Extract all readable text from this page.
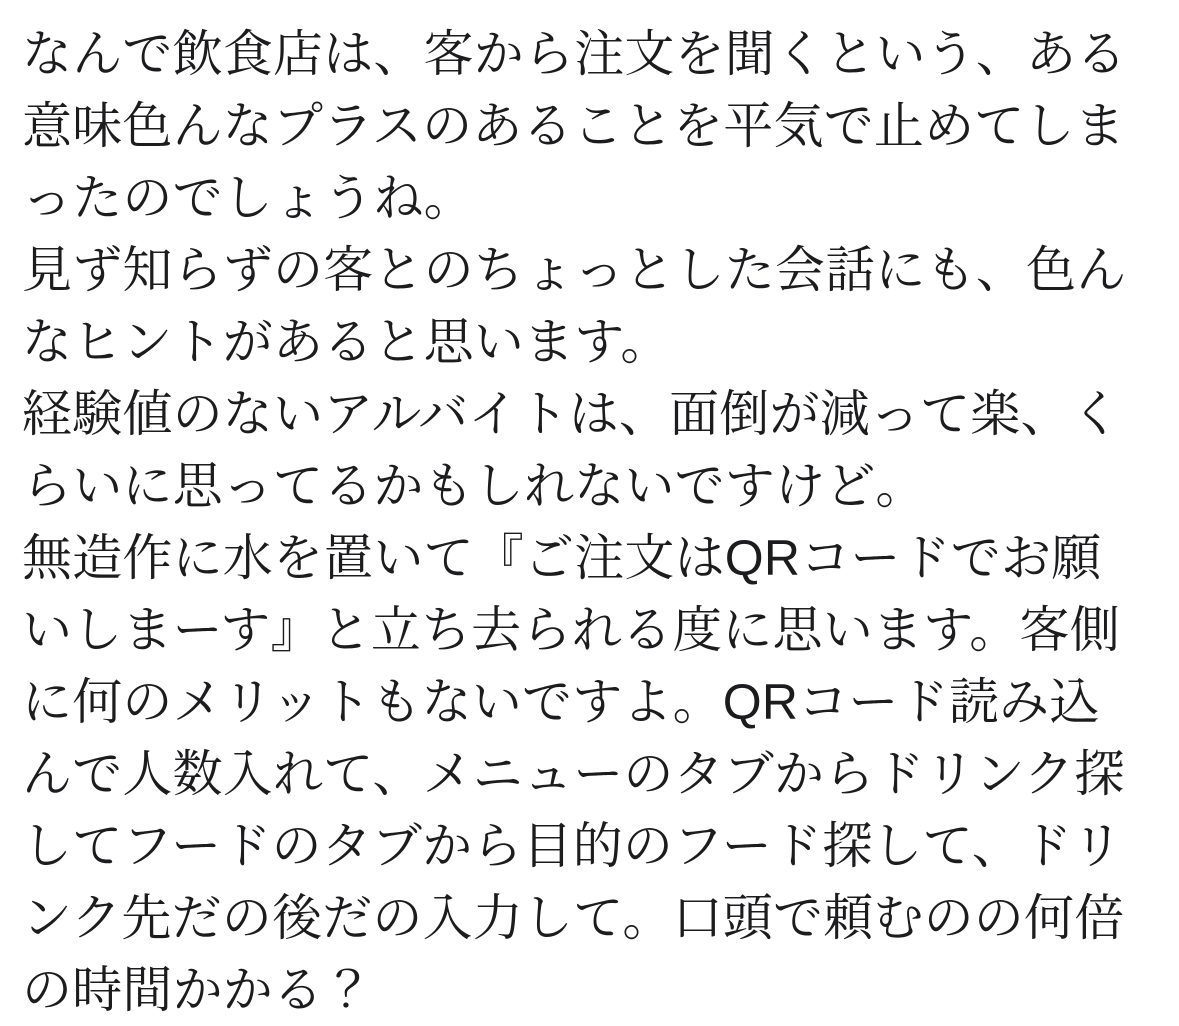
なんで飲食店は、客から注文を聞くという、ある意味色んなプラスのあることを平気で止めてしまったのでしょうね。

見ず知らずの客とのちょっとした会話にも、色んなヒントがあると思います。

経験値のないアルバイトは、面倒が減って楽、くらいに思ってるかもしれないですけど。

無造作に水を置いて『ご注文はQRコードでお願いしまーす』と立ち去られる度に思います。客側に何のメリットもないですよ。QRコード読み込んで人数入れて、メニューのタブからドリンク探してフードのタブから目的のフード探して、ドリンク先だの後だの入力して。口頭で頼むのの何倍の時間かかる？
